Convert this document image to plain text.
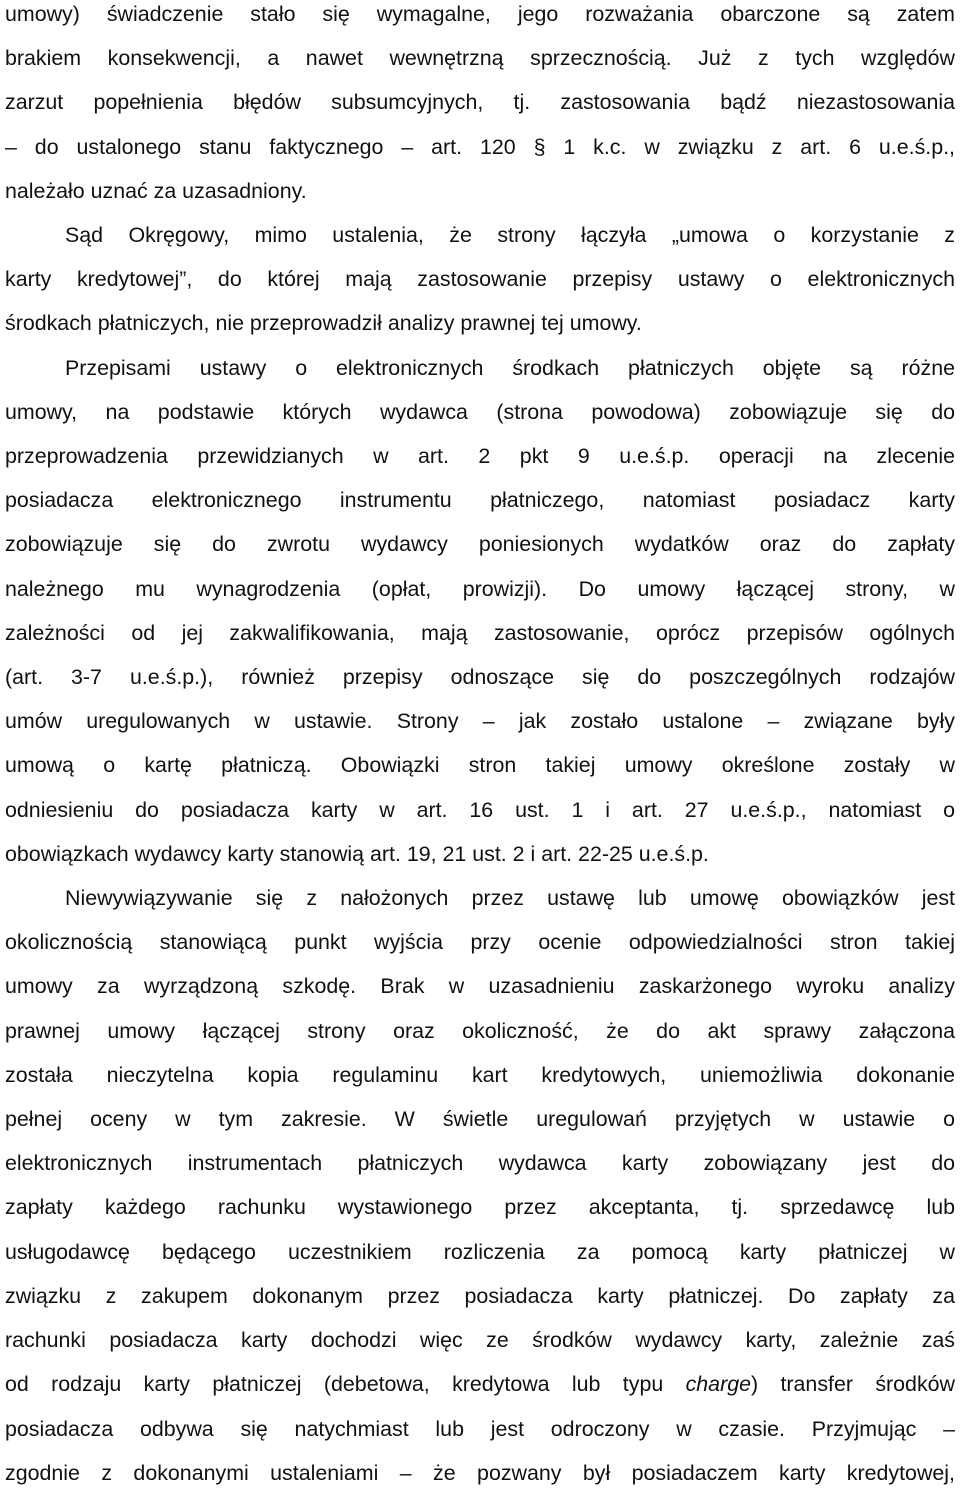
umowy) świadczenie stało się wymagalne, jego rozważania obarczone są zatem
brakiem konsekwencji, a nawet wewnętrzną sprzecznością. Już z tych względów
zarzut popełnienia błędów subsumcyjnych, tj. zastosowania bądź niezastosowania
– do ustalonego stanu faktycznego – art. 120 § 1 k.c. w związku z art. 6 u.e.ś.p.,
należało uznać za uzasadniony.
Sąd Okręgowy, mimo ustalenia, że strony łączyła „umowa o korzystanie z
karty kredytowej”, do której mają zastosowanie przepisy ustawy o elektronicznych
środkach płatniczych, nie przeprowadził analizy prawnej tej umowy.
Przepisami ustawy o elektronicznych środkach płatniczych objęte są różne
umowy, na podstawie których wydawca (strona powodowa) zobowiązuje się do
przeprowadzenia przewidzianych w art. 2 pkt 9 u.e.ś.p. operacji na zlecenie
posiadacza elektronicznego instrumentu płatniczego, natomiast posiadacz karty
zobowiązuje się do zwrotu wydawcy poniesionych wydatków oraz do zapłaty
należnego mu wynagrodzenia (opłat, prowizji). Do umowy łączącej strony, w
zależności od jej zakwalifikowania, mają zastosowanie, oprócz przepisów ogólnych
(art. 3-7 u.e.ś.p.), również przepisy odnoszące się do poszczególnych rodzajów
umów uregulowanych w ustawie. Strony – jak zostało ustalone – związane były
umową o kartę płatniczą. Obowiązki stron takiej umowy określone zostały w
odniesieniu do posiadacza karty w art. 16 ust. 1 i art. 27 u.e.ś.p., natomiast o
obowiązkach wydawcy karty stanowią art. 19, 21 ust. 2 i art. 22-25 u.e.ś.p.
Niewywiązywanie się z nałożonych przez ustawę lub umowę obowiązków jest
okolicznością stanowiącą punkt wyjścia przy ocenie odpowiedzialności stron takiej
umowy za wyrządzoną szkodę. Brak w uzasadnieniu zaskarżonego wyroku analizy
prawnej umowy łączącej strony oraz okoliczność, że do akt sprawy załączona
została nieczytelna kopia regulaminu kart kredytowych, uniemożliwia dokonanie
pełnej oceny w tym zakresie. W świetle uregulowań przyjętych w ustawie o
elektronicznych instrumentach płatniczych wydawca karty zobowiązany jest do
zapłaty każdego rachunku wystawionego przez akceptanta, tj. sprzedawcę lub
usługodawcę będącego uczestnikiem rozliczenia za pomocą karty płatniczej w
związku z zakupem dokonanym przez posiadacza karty płatniczej. Do zapłaty za
rachunki posiadacza karty dochodzi więc ze środków wydawcy karty, zależnie zaś
od rodzaju karty płatniczej (debetowa, kredytowa lub typu charge) transfer środków
posiadacza odbywa się natychmiast lub jest odroczony w czasie. Przyjmując –
zgodnie z dokonanymi ustaleniami – że pozwany był posiadaczem karty kredytowej,
